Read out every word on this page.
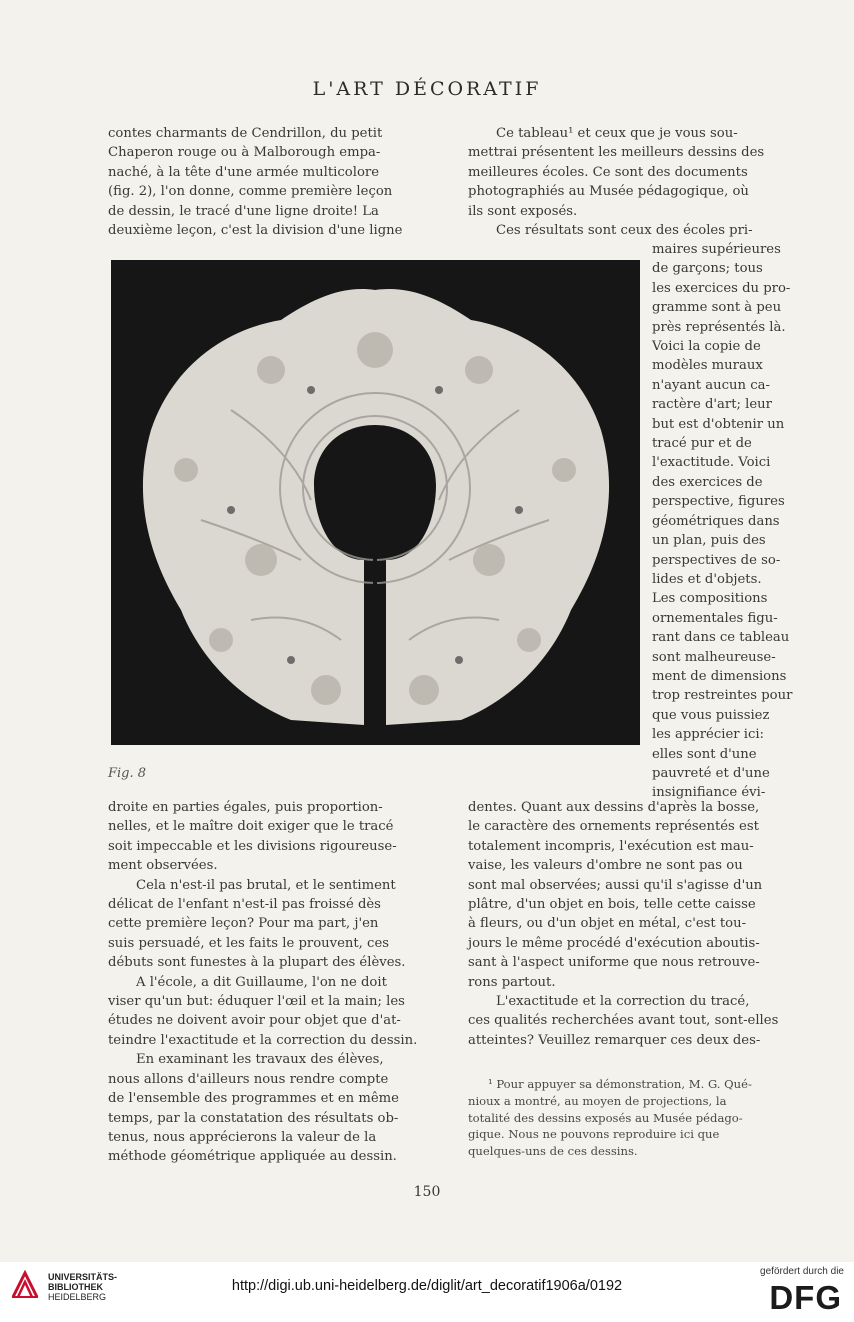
L'ART DÉCORATIF

contes charmants de Cendrillon, du petit

Chaperon rouge ou à Malborough empa-

naché, à la tête d'une armée multicolore

(fig. 2), l'on donne, comme première leçon

de dessin, le tracé d'une ligne droite! La

deuxième leçon, c'est la division d'une ligne

Ce tableau¹ et ceux que je vous sou-

mettrai présentent les meilleurs dessins des

meilleures écoles. Ce sont des documents

photographiés au Musée pédagogique, où

ils sont exposés.

Ces résultats sont ceux des écoles pri-

maires supérieures

de garçons; tous

les exercices du pro-

gramme sont à peu

près représentés là.

Voici la copie de

modèles muraux

n'ayant aucun ca-

ractère d'art; leur

but est d'obtenir un

tracé pur et de

l'exactitude. Voici

des exercices de

perspective, figures

géométriques dans

un plan, puis des

perspectives de so-

lides et d'objets.

Les compositions

ornementales figu-

rant dans ce tableau

sont malheureuse-

ment de dimensions

trop restreintes pour

que vous puissiez

les apprécier ici:

elles sont d'une

pauvreté et d'une

insignifiance évi-

Fig. 8

droite en parties égales, puis proportion-

nelles, et le maître doit exiger que le tracé

soit impeccable et les divisions rigoureuse-

ment observées.

Cela n'est-il pas brutal, et le sentiment

délicat de l'enfant n'est-il pas froissé dès

cette première leçon? Pour ma part, j'en

suis persuadé, et les faits le prouvent, ces

débuts sont funestes à la plupart des élèves.

A l'école, a dit Guillaume, l'on ne doit

viser qu'un but: éduquer l'œil et la main; les

études ne doivent avoir pour objet que d'at-

teindre l'exactitude et la correction du dessin.

En examinant les travaux des élèves,

nous allons d'ailleurs nous rendre compte

de l'ensemble des programmes et en même

temps, par la constatation des résultats ob-

tenus, nous apprécierons la valeur de la

méthode géométrique appliquée au dessin.

dentes. Quant aux dessins d'après la bosse,

le caractère des ornements représentés est

totalement incompris, l'exécution est mau-

vaise, les valeurs d'ombre ne sont pas ou

sont mal observées; aussi qu'il s'agisse d'un

plâtre, d'un objet en bois, telle cette caisse

à fleurs, ou d'un objet en métal, c'est tou-

jours le même procédé d'exécution aboutis-

sant à l'aspect uniforme que nous retrouve-

rons partout.

L'exactitude et la correction du tracé,

ces qualités recherchées avant tout, sont-elles

atteintes? Veuillez remarquer ces deux des-

¹ Pour appuyer sa démonstration, M. G. Qué-

nioux a montré, au moyen de projections, la

totalité des dessins exposés au Musée pédago-

gique. Nous ne pouvons reproduire ici que

quelques-uns de ces dessins.

150
UNIVERSITÄTS-
BIBLIOTHEK
HEIDELBERG
http://digi.ub.uni-heidelberg.de/diglit/art_decoratif1906a/0192
gefördert durch die
DFG
